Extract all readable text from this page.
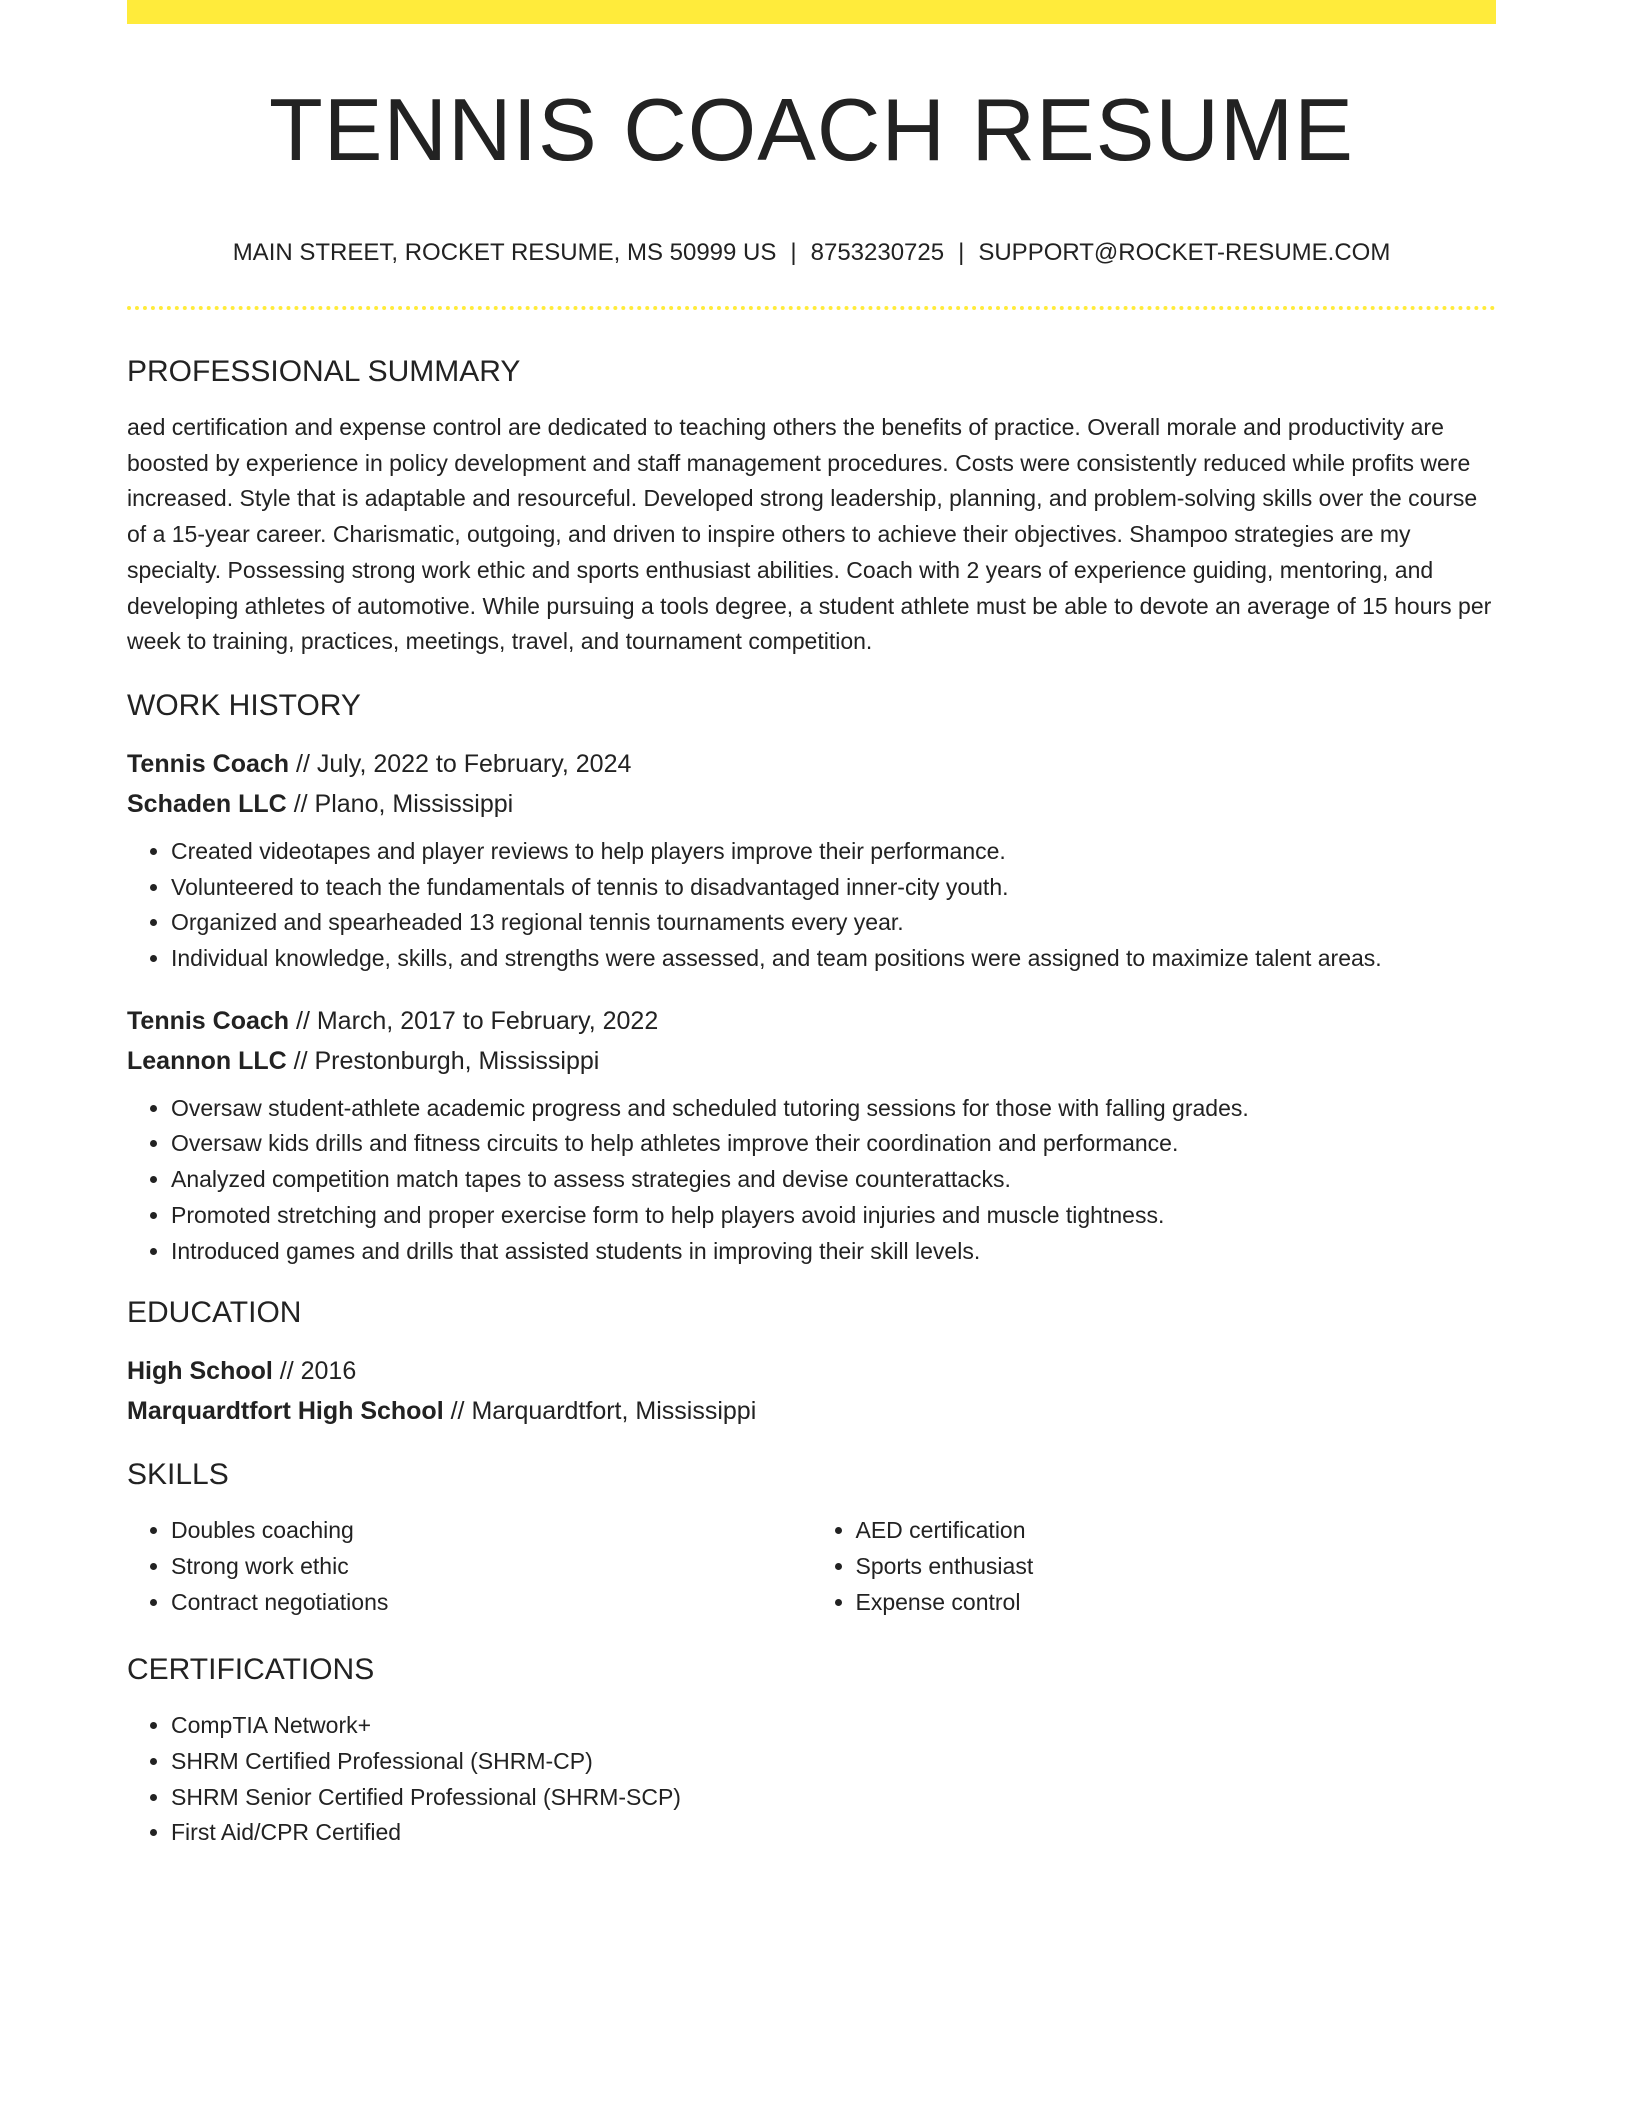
TENNIS COACH RESUME
MAIN STREET, ROCKET RESUME, MS 50999 US | 8753230725 | SUPPORT@ROCKET-RESUME.COM
PROFESSIONAL SUMMARY

aed certification and expense control are dedicated to teaching others the benefits of practice. Overall morale and productivity are boosted by experience in policy development and staff management procedures. Costs were consistently reduced while profits were increased. Style that is adaptable and resourceful. Developed strong leadership, planning, and problem-solving skills over the course of a 15-year career. Charismatic, outgoing, and driven to inspire others to achieve their objectives. Shampoo strategies are my specialty. Possessing strong work ethic and sports enthusiast abilities. Coach with 2 years of experience guiding, mentoring, and developing athletes of automotive. While pursuing a tools degree, a student athlete must be able to devote an average of 15 hours per week to training, practices, meetings, travel, and tournament competition.

WORK HISTORY
Tennis Coach // July, 2022 to February, 2024
Schaden LLC // Plano, Mississippi
• Created videotapes and player reviews to help players improve their performance.
• Volunteered to teach the fundamentals of tennis to disadvantaged inner-city youth.
• Organized and spearheaded 13 regional tennis tournaments every year.
• Individual knowledge, skills, and strengths were assessed, and team positions were assigned to maximize talent areas.
Tennis Coach // March, 2017 to February, 2022
Leannon LLC // Prestonburgh, Mississippi
• Oversaw student-athlete academic progress and scheduled tutoring sessions for those with falling grades.
• Oversaw kids drills and fitness circuits to help athletes improve their coordination and performance.
• Analyzed competition match tapes to assess strategies and devise counterattacks.
• Promoted stretching and proper exercise form to help players avoid injuries and muscle tightness.
• Introduced games and drills that assisted students in improving their skill levels.
EDUCATION
High School // 2016
Marquardtfort High School // Marquardtfort, Mississippi
SKILLS
• Doubles coaching
• Strong work ethic
• Contract negotiations
• AED certification
• Sports enthusiast
• Expense control
CERTIFICATIONS
• CompTIA Network+
• SHRM Certified Professional (SHRM-CP)
• SHRM Senior Certified Professional (SHRM-SCP)
• First Aid/CPR Certified
